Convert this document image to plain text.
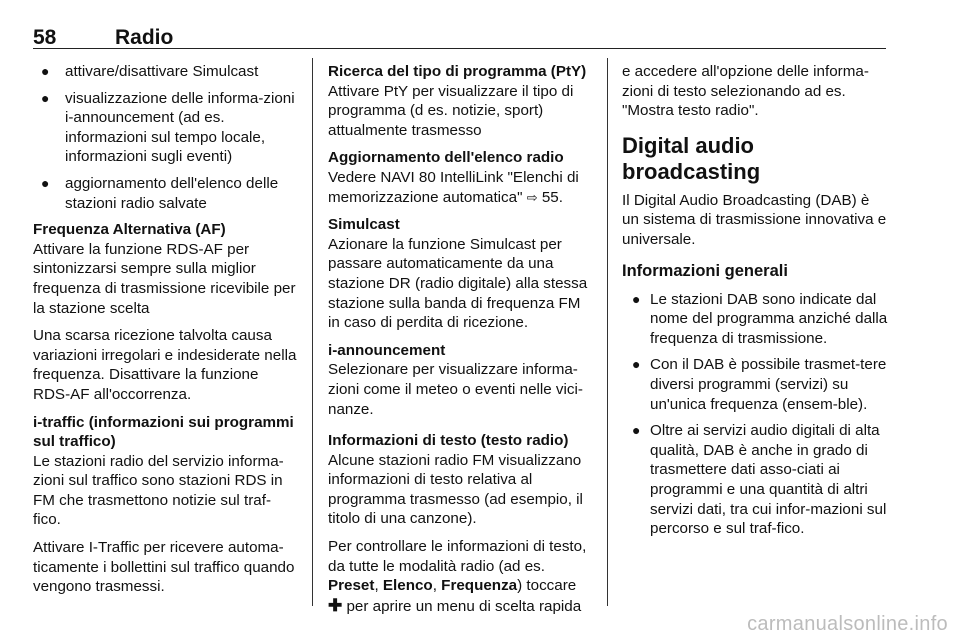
58	Radio
● attivare/disattivare Simulcast
● visualizzazione delle informa-zioni i-announcement (ad es. informazioni sul tempo locale, informazioni sugli eventi)
● aggiornamento dell'elenco delle stazioni radio salvate
Frequenza Alternativa (AF)
Attivare la funzione RDS-AF per sintonizzarsi sempre sulla miglior frequenza di trasmissione ricevibile per la stazione scelta
Una scarsa ricezione talvolta causa variazioni irregolari e indesiderate nella frequenza. Disattivare la funzione RDS-AF all'occorrenza.
i-traffic (informazioni sui programmi sul traffico)
Le stazioni radio del servizio informa-zioni sul traffico sono stazioni RDS in FM che trasmettono notizie sul traf-fico.
Attivare I-Traffic per ricevere automa-ticamente i bollettini sul traffico quando vengono trasmessi.
Ricerca del tipo di programma (PtY)
Attivare PtY per visualizzare il tipo di programma (d es. notizie, sport) attualmente trasmesso
Aggiornamento dell'elenco radio
Vedere NAVI 80 IntelliLink "Elenchi di memorizzazione automatica" ⇨ 55.
Simulcast
Azionare la funzione Simulcast per passare automaticamente da una stazione DR (radio digitale) alla stessa stazione sulla banda di frequenza FM in caso di perdita di ricezione.
i-announcement
Selezionare per visualizzare informa-zioni come il meteo o eventi nelle vici-nanze.
Informazioni di testo (testo radio)
Alcune stazioni radio FM visualizzano informazioni di testo relativa al programma trasmesso (ad esempio, il titolo di una canzone).
Per controllare le informazioni di testo, da tutte le modalità radio (ad es. Preset, Elenco, Frequenza) toccare
✚ per aprire un menu di scelta rapida
e accedere all'opzione delle informa-zioni di testo selezionando ad es. "Mostra testo radio".
Digital audio broadcasting
Il Digital Audio Broadcasting (DAB) è un sistema di trasmissione innovativa e universale.
Informazioni generali
● Le stazioni DAB sono indicate dal nome del programma anziché dalla frequenza di trasmissione.
● Con il DAB è possibile trasmet-tere diversi programmi (servizi) su un'unica frequenza (ensem-ble).
● Oltre ai servizi audio digitali di alta qualità, DAB è anche in grado di trasmettere dati asso-ciati ai programmi e una quantità di altri servizi dati, tra cui infor-mazioni sul percorso e sul traf-fico.
carmanualsonline.info
